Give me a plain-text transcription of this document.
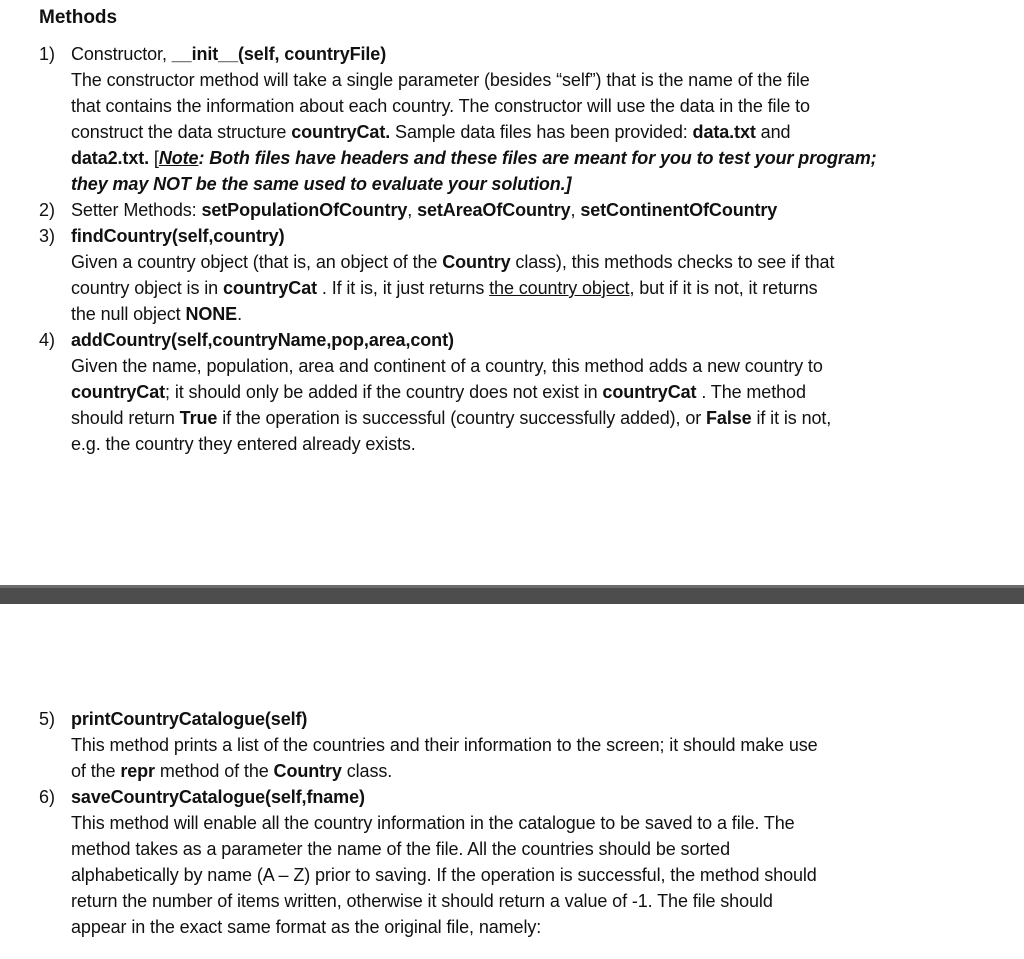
Methods
1) Constructor, __init__(self, countryFile)
The constructor method will take a single parameter (besides “self”) that is the name of the file
that contains the information about each country. The constructor will use the data in the file to
construct the data structure countryCat. Sample data files has been provided: data.txt and
data2.txt. [Note: Both files have headers and these files are meant for you to test your program;
they may NOT be the same used to evaluate your solution.]
2) Setter Methods: setPopulationOfCountry, setAreaOfCountry, setContinentOfCountry
3) findCountry(self,country)
Given a country object (that is, an object of the Country class), this methods checks to see if that
country object is in countryCat . If it is, it just returns the country object, but if it is not, it returns
the null object NONE.
4) addCountry(self,countryName,pop,area,cont)
Given the name, population, area and continent of a country, this method adds a new country to
countryCat; it should only be added if the country does not exist in countryCat . The method
should return True if the operation is successful (country successfully added), or False if it is not,
e.g. the country they entered already exists.
5) printCountryCatalogue(self)
This method prints a list of the countries and their information to the screen; it should make use
of the repr method of the Country class.
6) saveCountryCatalogue(self,fname)
This method will enable all the country information in the catalogue to be saved to a file. The
method takes as a parameter the name of the file. All the countries should be sorted
alphabetically by name (A – Z) prior to saving. If the operation is successful, the method should
return the number of items written, otherwise it should return a value of -1. The file should
appear in the exact same format as the original file, namely:
